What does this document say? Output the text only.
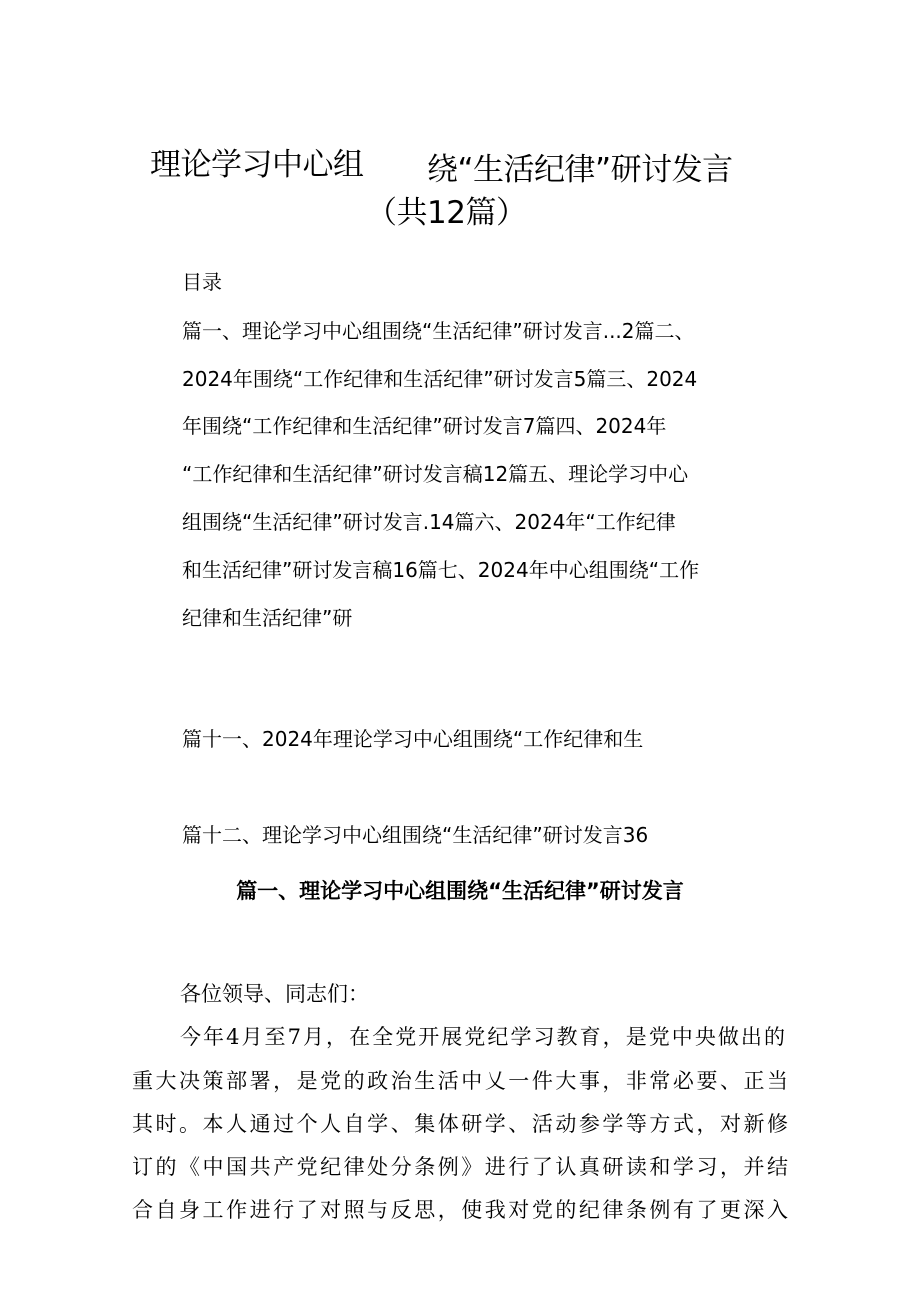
理论学习中心组 绕“生活纪律”研讨发言
（共12篇）
目录
篇一、理论学习中心组围绕“生活纪律”研讨发言...2篇二、
2024年围绕“工作纪律和生活纪律”研讨发言5篇三、2024
年围绕“工作纪律和生活纪律”研讨发言7篇四、2024年
“工作纪律和生活纪律”研讨发言稿12篇五、理论学习中心
组围绕“生活纪律”研讨发言.14篇六、2024年“工作纪律
和生活纪律”研讨发言稿16篇七、2024年中心组围绕“工作
纪律和生活纪律”研
篇十一、2024年理论学习中心组围绕“工作纪律和生
篇十二、理论学习中心组围绕“生活纪律”研讨发言36
篇一、理论学习中心组围绕“生活纪律”研讨发言
各位领导、同志们：
今年4月至7月，在全党开展党纪学习教育，是党中央做出的
重大决策部署，是党的政治生活中乂一件大事，非常必要、正当
其时。本人通过个人自学、集体研学、活动参学等方式，对新修
订的《中国共产党纪律处分条例》进行了认真研读和学习，并结
合自身工作进行了对照与反思，使我对党的纪律条例有了更深入
